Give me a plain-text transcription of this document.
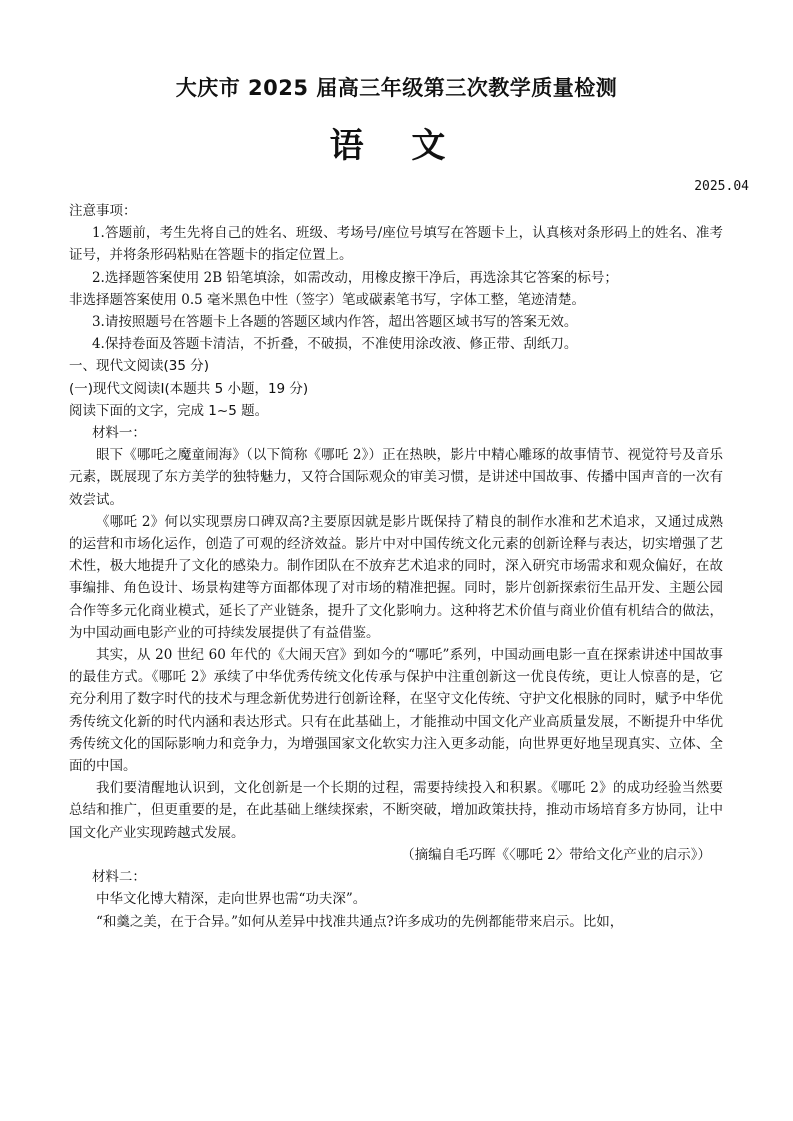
大庆市 2025 届高三年级第三次教学质量检测
语 文
2025.04

注意事项：

1.答题前，考生先将自己的姓名、班级、考场号/座位号填写在答题卡上，认真核对条形码上的姓名、准考证号，并将条形码粘贴在答题卡的指定位置上。

2.选择题答案使用 2B 铅笔填涂，如需改动，用橡皮擦干净后，再选涂其它答案的标号；

非选择题答案使用 0.5 毫米黑色中性（签字）笔或碳素笔书写，字体工整，笔迹清楚。

3.请按照题号在答题卡上各题的答题区域内作答，超出答题区域书写的答案无效。

4.保持卷面及答题卡清洁，不折叠，不破损，不准使用涂改液、修正带、刮纸刀。

一、现代文阅读(35 分)

(一)现代文阅读Ⅰ(本题共 5 小题，19 分)

阅读下面的文字，完成 1~5 题。

材料一：

眼下《哪吒之魔童闹海》（以下简称《哪吒 2》）正在热映，影片中精心雕琢的故事情节、视觉符号及音乐元素，既展现了东方美学的独特魅力，又符合国际观众的审美习惯，是讲述中国故事、传播中国声音的一次有效尝试。

《哪吒 2》何以实现票房口碑双高?主要原因就是影片既保持了精良的制作水准和艺术追求，又通过成熟的运营和市场化运作，创造了可观的经济效益。影片中对中国传统文化元素的创新诠释与表达，切实增强了艺术性，极大地提升了文化的感染力。制作团队在不放弃艺术追求的同时，深入研究市场需求和观众偏好，在故事编排、角色设计、场景构建等方面都体现了对市场的精准把握。同时，影片创新探索衍生品开发、主题公园合作等多元化商业模式，延长了产业链条，提升了文化影响力。这种将艺术价值与商业价值有机结合的做法，为中国动画电影产业的可持续发展提供了有益借鉴。

其实，从 20 世纪 60 年代的《大闹天宫》到如今的“哪吒”系列，中国动画电影一直在探索讲述中国故事的最佳方式。《哪吒 2》承续了中华优秀传统文化传承与保护中注重创新这一优良传统，更让人惊喜的是，它充分利用了数字时代的技术与理念新优势进行创新诠释，在坚守文化传统、守护文化根脉的同时，赋予中华优秀传统文化新的时代内涵和表达形式。只有在此基础上，才能推动中国文化产业高质量发展，不断提升中华优秀传统文化的国际影响力和竞争力，为增强国家文化软实力注入更多动能，向世界更好地呈现真实、立体、全面的中国。

我们要清醒地认识到，文化创新是一个长期的过程，需要持续投入和积累。《哪吒 2》的成功经验当然要总结和推广，但更重要的是，在此基础上继续探索，不断突破，增加政策扶持，推动市场培育多方协同，让中国文化产业实现跨越式发展。

（摘编自毛巧晖《〈哪吒 2〉带给文化产业的启示》）

材料二：

中华文化博大精深，走向世界也需“功夫深”。

“和羹之美，在于合异。”如何从差异中找准共通点?许多成功的先例都能带来启示。比如，
